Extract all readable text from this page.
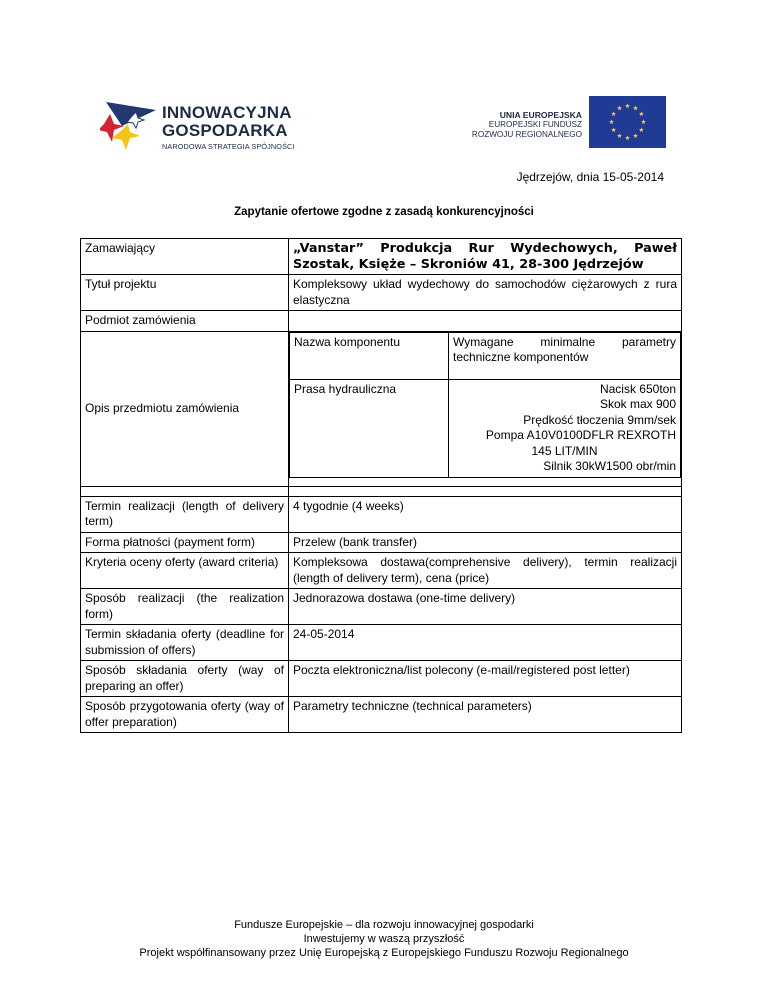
INNOWACYJNA
GOSPODARKA
NARODOWA STRATEGIA SPÓJNOŚCI
UNIA EUROPEJSKA
EUROPEJSKI FUNDUSZ
ROZWOJU REGIONALNEGO
Jędrzejów, dnia 15-05-2014
Zapytanie ofertowe zgodne z zasadą konkurencyjności
Zamawiający	„Vanstar” Produkcja Rur Wydechowych, Paweł Szostak, Księże – Skroniów 41, 28-300 Jędrzejów
Tytuł projektu	Kompleksowy układ wydechowy do samochodów ciężarowych z rura elastyczna
Podmiot zamówienia	
Opis przedmiotu zamówienia	
Nazwa komponentu	Wymagane minimalne parametry techniczne komponentów
Prasa hydrauliczna	Nacisk 650ton
Skok max 900
Prędkość tłoczenia 9mm/sek
Pompa A10V0100DFLR REXROTH
145 LIT/MIN
Silnik 30kW1500 obr/min

Termin realizacji (length of delivery term)	4 tygodnie (4 weeks)
Forma płatności (payment form)	Przelew (bank transfer)
Kryteria oceny oferty (award criteria)	Kompleksowa dostawa(comprehensive delivery), termin realizacji (length of delivery term), cena (price)
Sposób realizacji (the realization form)	Jednorazowa dostawa (one-time delivery)
Termin składania oferty (deadline for submission of offers)	24-05-2014
Sposób składania oferty (way of preparing an offer)	Poczta elektroniczna/list polecony (e-mail/registered post letter)
Sposób przygotowania oferty (way of offer preparation)	Parametry techniczne (technical parameters)
Fundusze Europejskie – dla rozwoju innowacyjnej gospodarki
Inwestujemy w waszą przyszłość
Projekt współfinansowany przez Unię Europejską z Europejskiego Funduszu Rozwoju Regionalnego
